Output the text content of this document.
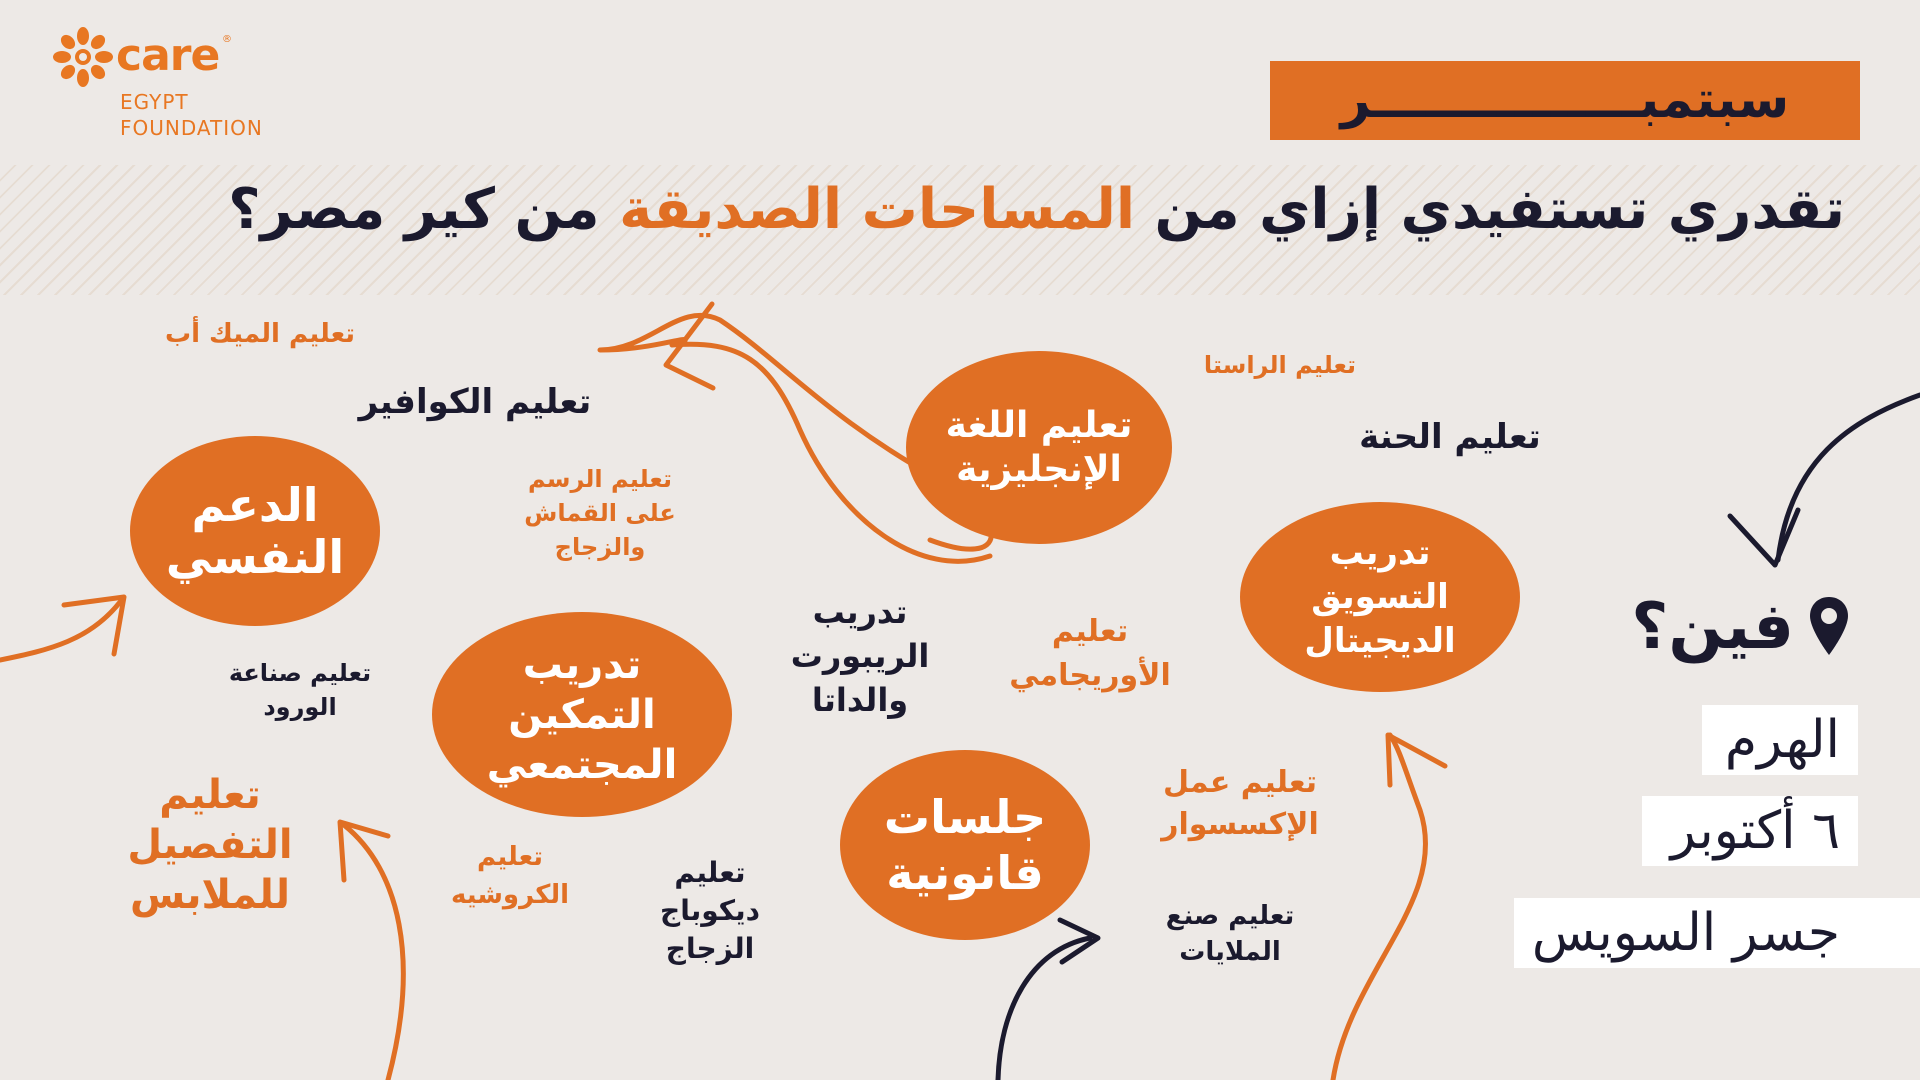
care ®
EGYPT
FOUNDATION	سبتمبـــــــــــــــر
تقدري تستفيدي إزاي من المساحات الصديقة من كير مصر؟
الدعم
النفسي
تعليم اللغة
الإنجليزية
تدريب
التسويق
الديجيتال
تدريب
التمكين
المجتمعي
جلسات
قانونية
تعليم الميك أب
تعليم الكوافير
تعليم الراستا
تعليم الحنة
تعليم الرسم
على القماش
والزجاج
تدريب
الريبورت
والداتا
تعليم
الأوريجامي
تعليم صناعة
الورود
تعليم
التفصيل
للملابس
تعليم
الكروشيه
تعليم
ديكوباج
الزجاج
تعليم عمل
الإكسسوار
تعليم صنع
الملايات
فين؟
الهرم
٦ أكتوبر
جسر السويس
